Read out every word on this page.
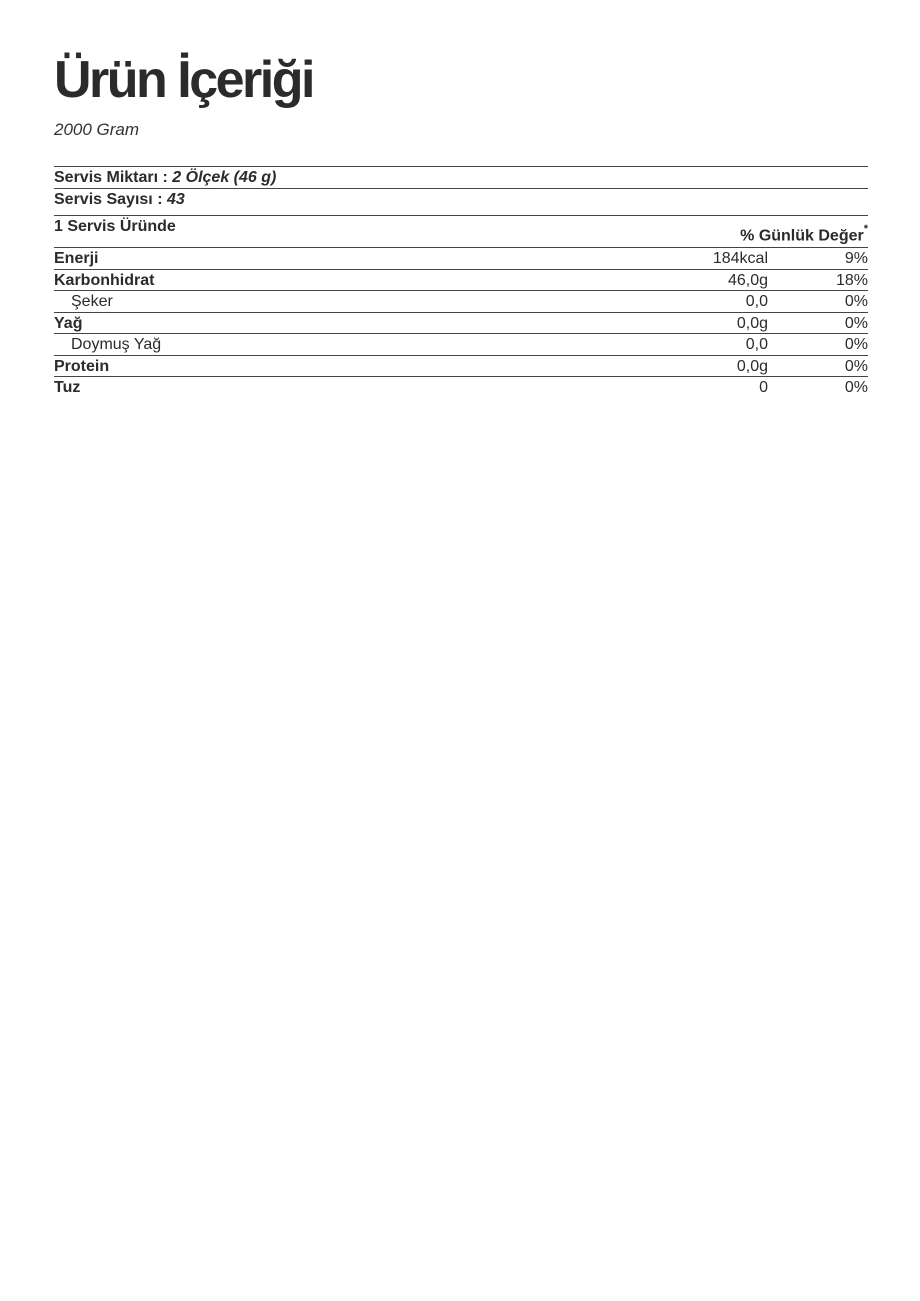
Ürün İçeriği
2000 Gram
Servis Miktarı : 2 Ölçek (46 g)
Servis Sayısı : 43
1 Servis Üründe
% Günlük Değer*
Enerji	184kcal	9%
Karbonhidrat	46,0g	18%
Şeker	0,0	0%
Yağ	0,0g	0%
Doymuş Yağ	0,0	0%
Protein	0,0g	0%
Tuz	0	0%
